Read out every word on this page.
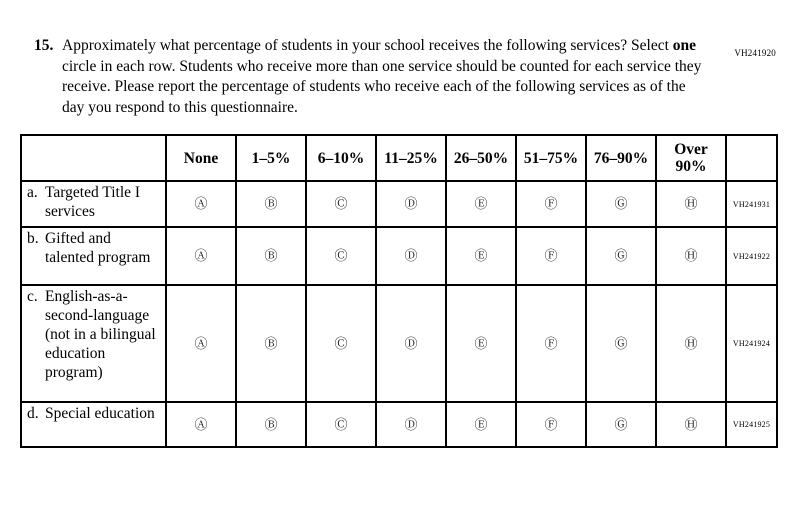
VH241920
15. Approximately what percentage of students in your school receives the following services? Select one circle in each row. Students who receive more than one service should be counted for each service they receive. Please report the percentage of students who receive each of the following services as of the day you respond to this questionnaire.
	None	1–5%	6–10%	11–25%	26–50%	51–75%	76–90%	Over 90%	

a. Targeted Title I services	Ⓐ	Ⓑ	Ⓒ	Ⓓ	Ⓔ	Ⓕ	Ⓖ	Ⓗ	VH241931

b. Gifted and talented program	Ⓐ	Ⓑ	Ⓒ	Ⓓ	Ⓔ	Ⓕ	Ⓖ	Ⓗ	VH241922

c. English-as-a-second-language (not in a bilingual education program)	Ⓐ	Ⓑ	Ⓒ	Ⓓ	Ⓔ	Ⓕ	Ⓖ	Ⓗ	VH241924

d. Special education	Ⓐ	Ⓑ	Ⓒ	Ⓓ	Ⓔ	Ⓕ	Ⓖ	Ⓗ	VH241925
